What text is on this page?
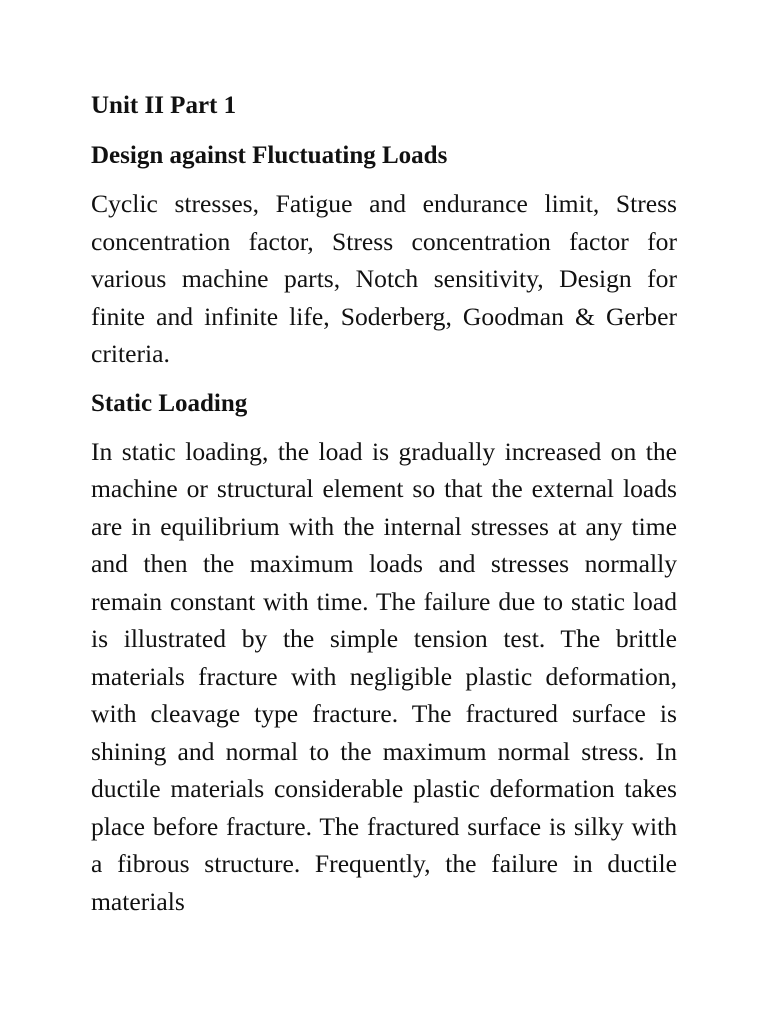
Unit II Part 1
Design against Fluctuating Loads

Cyclic stresses, Fatigue and endurance limit, Stress concentration factor, Stress concentration factor for various machine parts, Notch sensitivity, Design for finite and infinite life, Soderberg, Goodman & Gerber criteria.

Static Loading

In static loading, the load is gradually increased on the machine or structural element so that the external loads are in equilibrium with the internal stresses at any time and then the maximum loads and stresses normally remain constant with time. The failure due to static load is illustrated by the simple tension test. The brittle materials fracture with negligible plastic deformation, with cleavage type fracture. The fractured surface is shining and normal to the maximum normal stress. In ductile materials considerable plastic deformation takes place before fracture. The fractured surface is silky with a fibrous structure. Frequently, the failure in ductile materials
